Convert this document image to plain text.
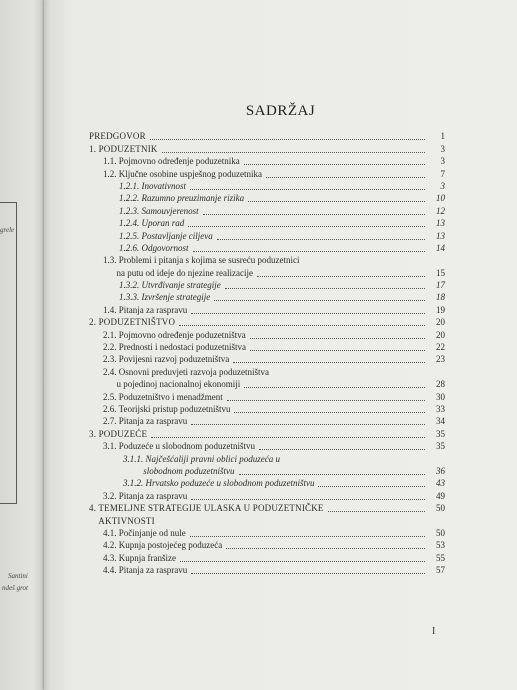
grele
Santini
ndeš grot
SADRŽAJ
PREDGOVOR	1
1. PODUZETNIK	3
1.1. Pojmovno određenje poduzetnika	3
1.2. Ključne osobine uspješnog poduzetnika	7
1.2.1. Inovativnost	3
1.2.2. Razumno preuzimanje rizika	10
1.2.3. Samouvjerenost	12
1.2.4. Uporan rad	13
1.2.5. Postavljanje ciljeva	13
1.2.6. Odgovornost	14
1.3. Problemi i pitanja s kojima se susreću poduzetnici
na putu od ideje do njezine realizacije	15
1.3.2. Utvrđivanje strategije	17
1.3.3. Izvršenje strategije	18
1.4. Pitanja za raspravu	19
2. PODUZETNIŠTVO	20
2.1. Pojmovno određenje poduzetništva	20
2.2. Prednosti i nedostaci poduzetništva	22
2.3. Povijesni razvoj poduzetništva	23
2.4. Osnovni preduvjeti razvoja poduzetništva
u pojedinoj nacionalnoj ekonomiji	28
2.5. Poduzetništvo i menadžment	30
2.6. Teorijski pristup poduzetništvu	33
2.7. Pitanja za raspravu	34
3. PODUZEĆE	35
3.1. Poduzeće u slobodnom poduzetništvu	35
3.1.1. Najčešćaliji pravni oblici poduzeća u
slobodnom poduzetništvu	36
3.1.2. Hrvatsko poduzeće u slobodnom poduzetništvu	43
3.2. Pitanja za raspravu	49
4. TEMELJNE STRATEGIJE ULASKA U PODUZETNIČKE	50
AKTIVNOSTI
4.1. Počinjanje od nule	50
4.2. Kupnja postojećeg poduzeća	53
4.3. Kupnja franšize	55
4.4. Pitanja za raspravu	57
I
